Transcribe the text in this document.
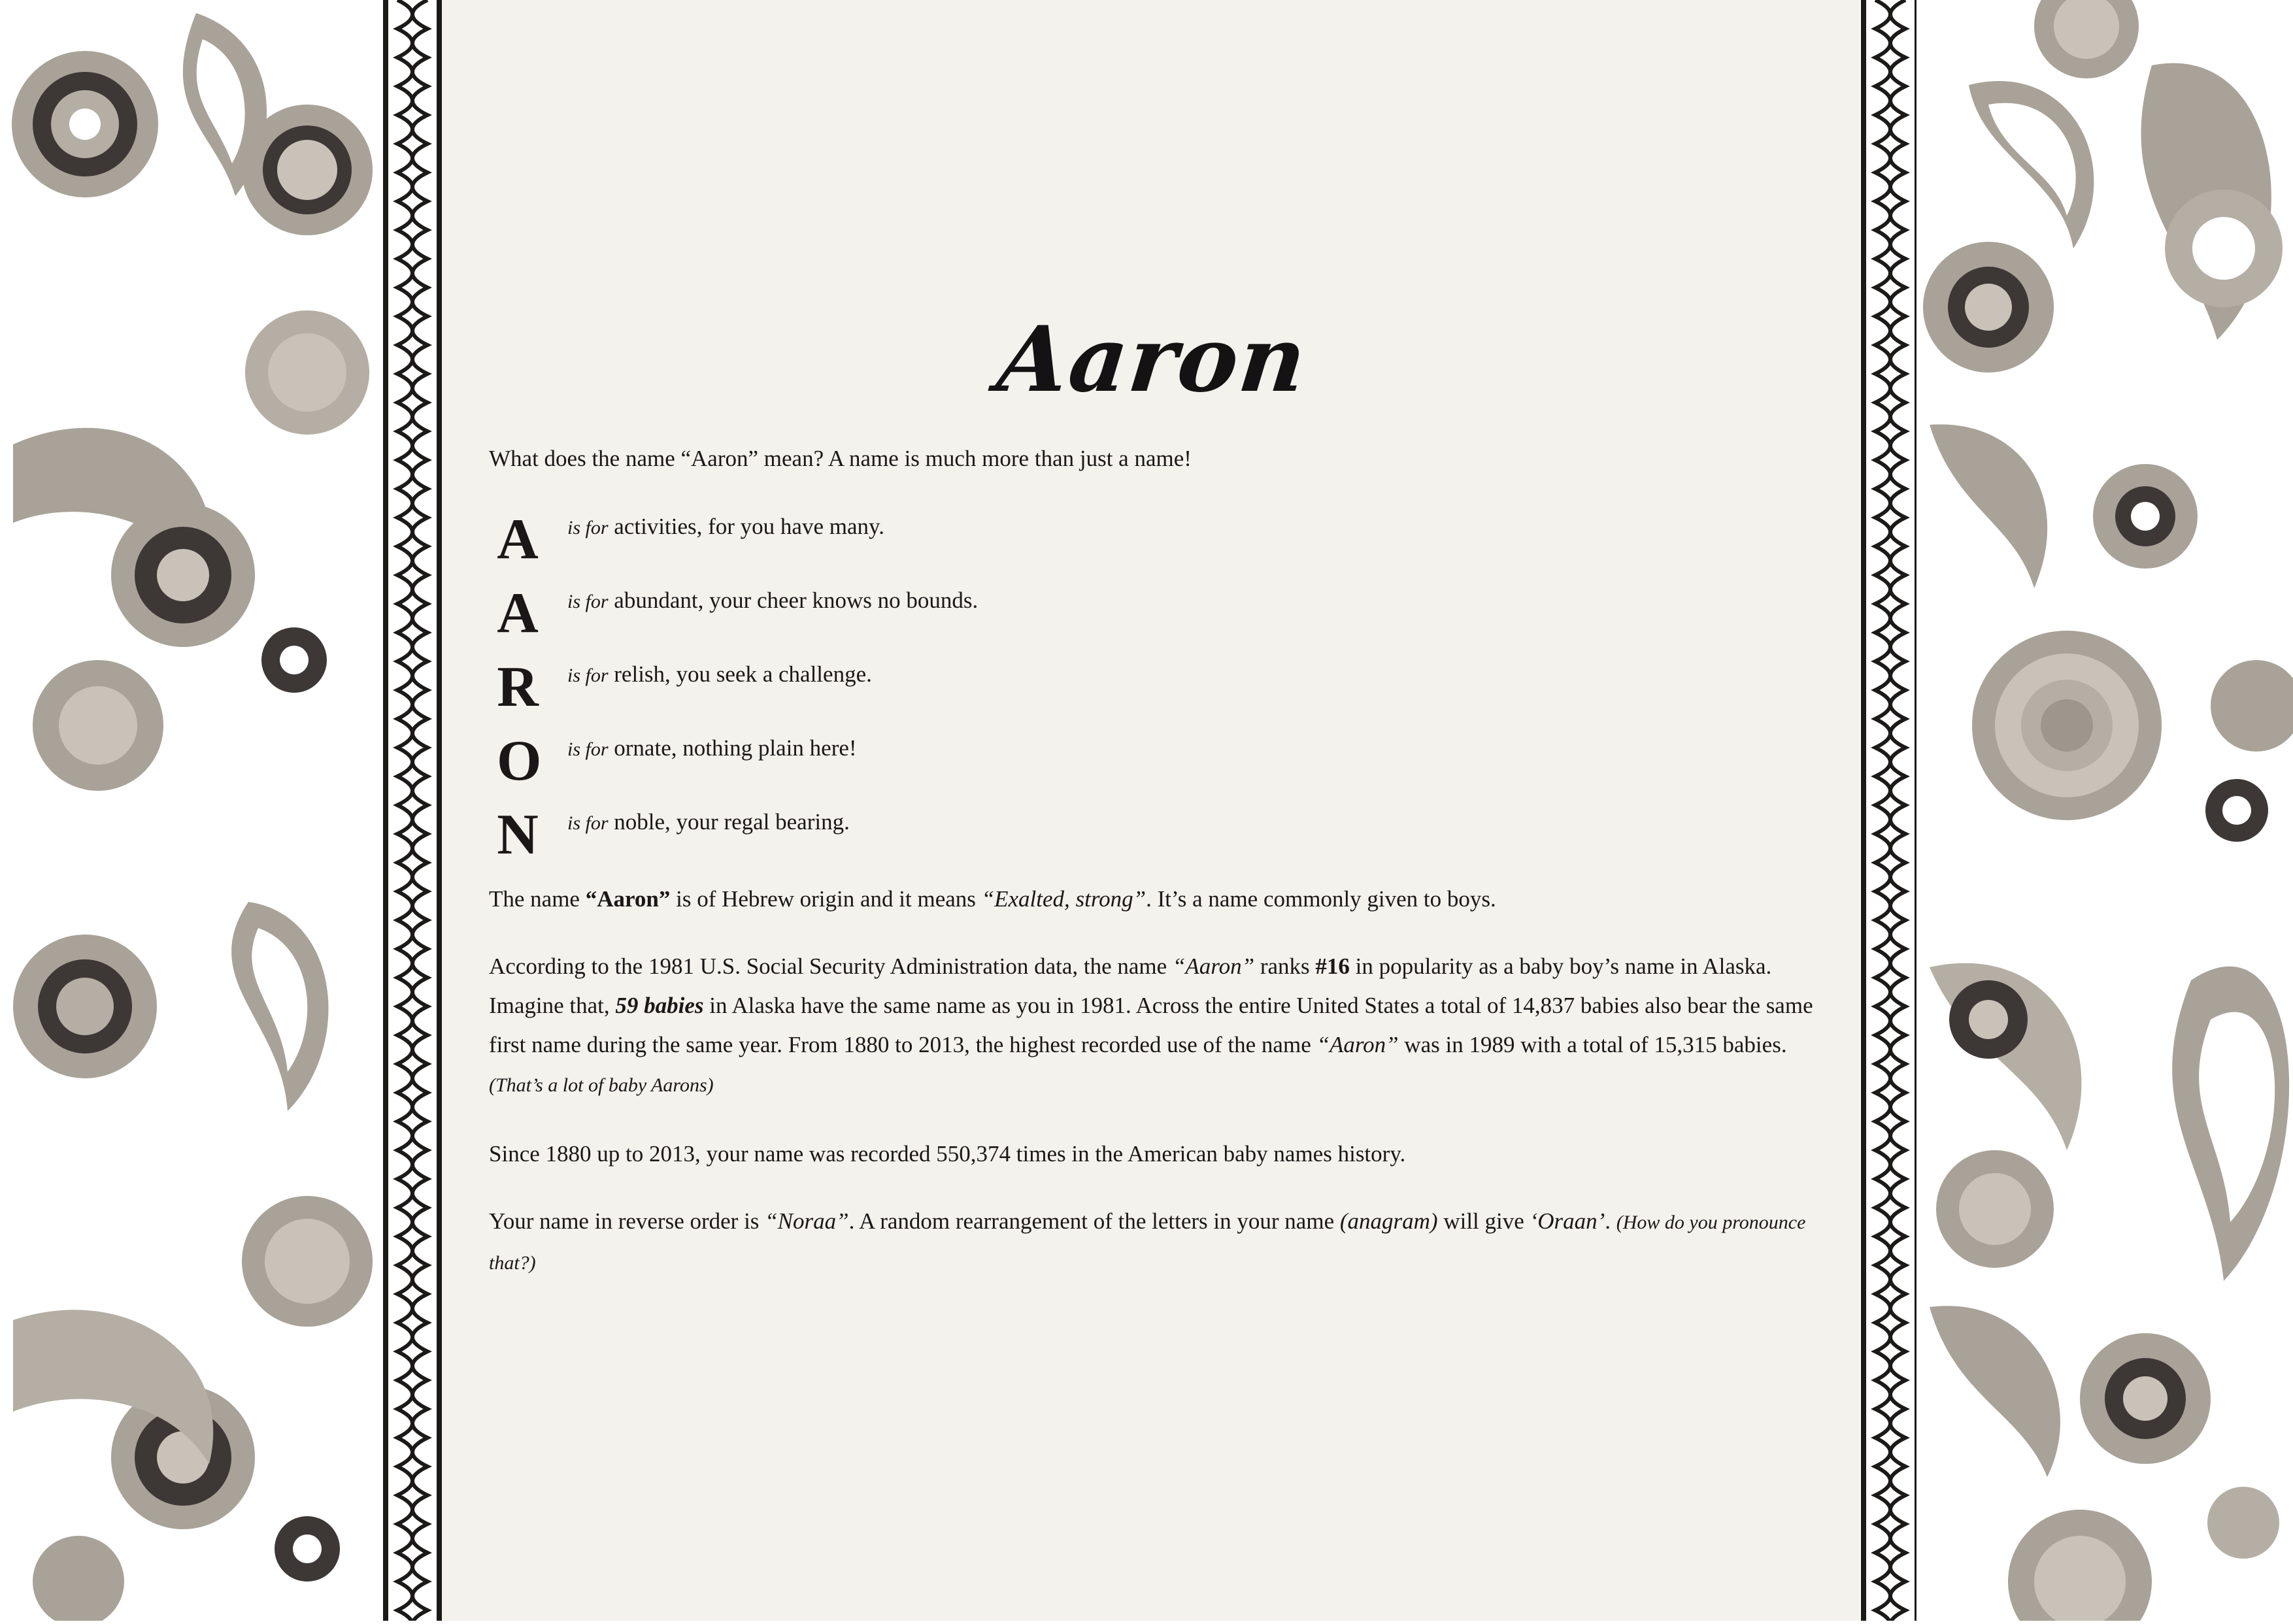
Aaron
What does the name “Aaron” mean? A name is much more than just a name!
A is for activities, for you have many.
A is for abundant, your cheer knows no bounds.
R is for relish, you seek a challenge.
O is for ornate, nothing plain here!
N is for noble, your regal bearing.
The name “Aaron” is of Hebrew origin and it means “Exalted, strong”. It’s a name commonly given to boys.
According to the 1981 U.S. Social Security Administration data, the name “Aaron” ranks #16 in popularity as a baby boy’s name in Alaska. Imagine that, 59 babies in Alaska have the same name as you in 1981. Across the entire United States a total of 14,837 babies also bear the same first name during the same year. From 1880 to 2013, the highest recorded use of the name “Aaron” was in 1989 with a total of 15,315 babies. (That’s a lot of baby Aarons)
Since 1880 up to 2013, your name was recorded 550,374 times in the American baby names history.
Your name in reverse order is “Noraa”. A random rearrangement of the letters in your name (anagram) will give ‘Oraan’. (How do you pronounce that?)
